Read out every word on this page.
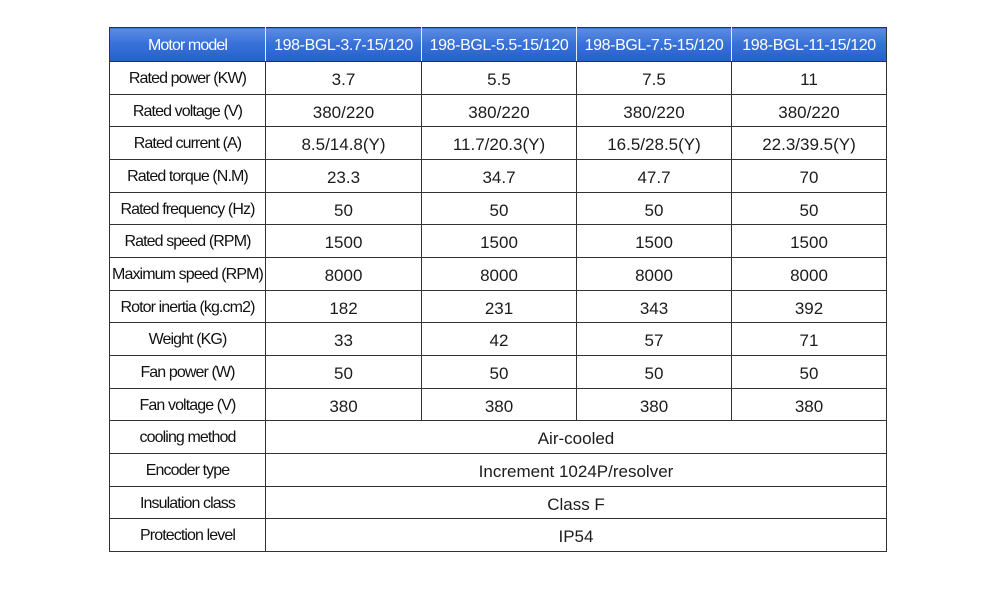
Motor model	198-BGL-3.7-15/120	198-BGL-5.5-15/120	198-BGL-7.5-15/120	198-BGL-11-15/120
Rated power (KW)	3.7	5.5	7.5	11
Rated voltage (V)	380/220	380/220	380/220	380/220
Rated current (A)	8.5/14.8(Y)	11.7/20.3(Y)	16.5/28.5(Y)	22.3/39.5(Y)
Rated torque (N.M)	23.3	34.7	47.7	70
Rated frequency (Hz)	50	50	50	50
Rated speed (RPM)	1500	1500	1500	1500
Maximum speed (RPM)	8000	8000	8000	8000
Rotor inertia (kg.cm2)	182	231	343	392
Weight (KG)	33	42	57	71
Fan power (W)	50	50	50	50
Fan voltage (V)	380	380	380	380
cooling method	Air-cooled			
Encoder type	Increment 1024P/resolver			
Insulation class	Class F			
Protection level	IP54			
